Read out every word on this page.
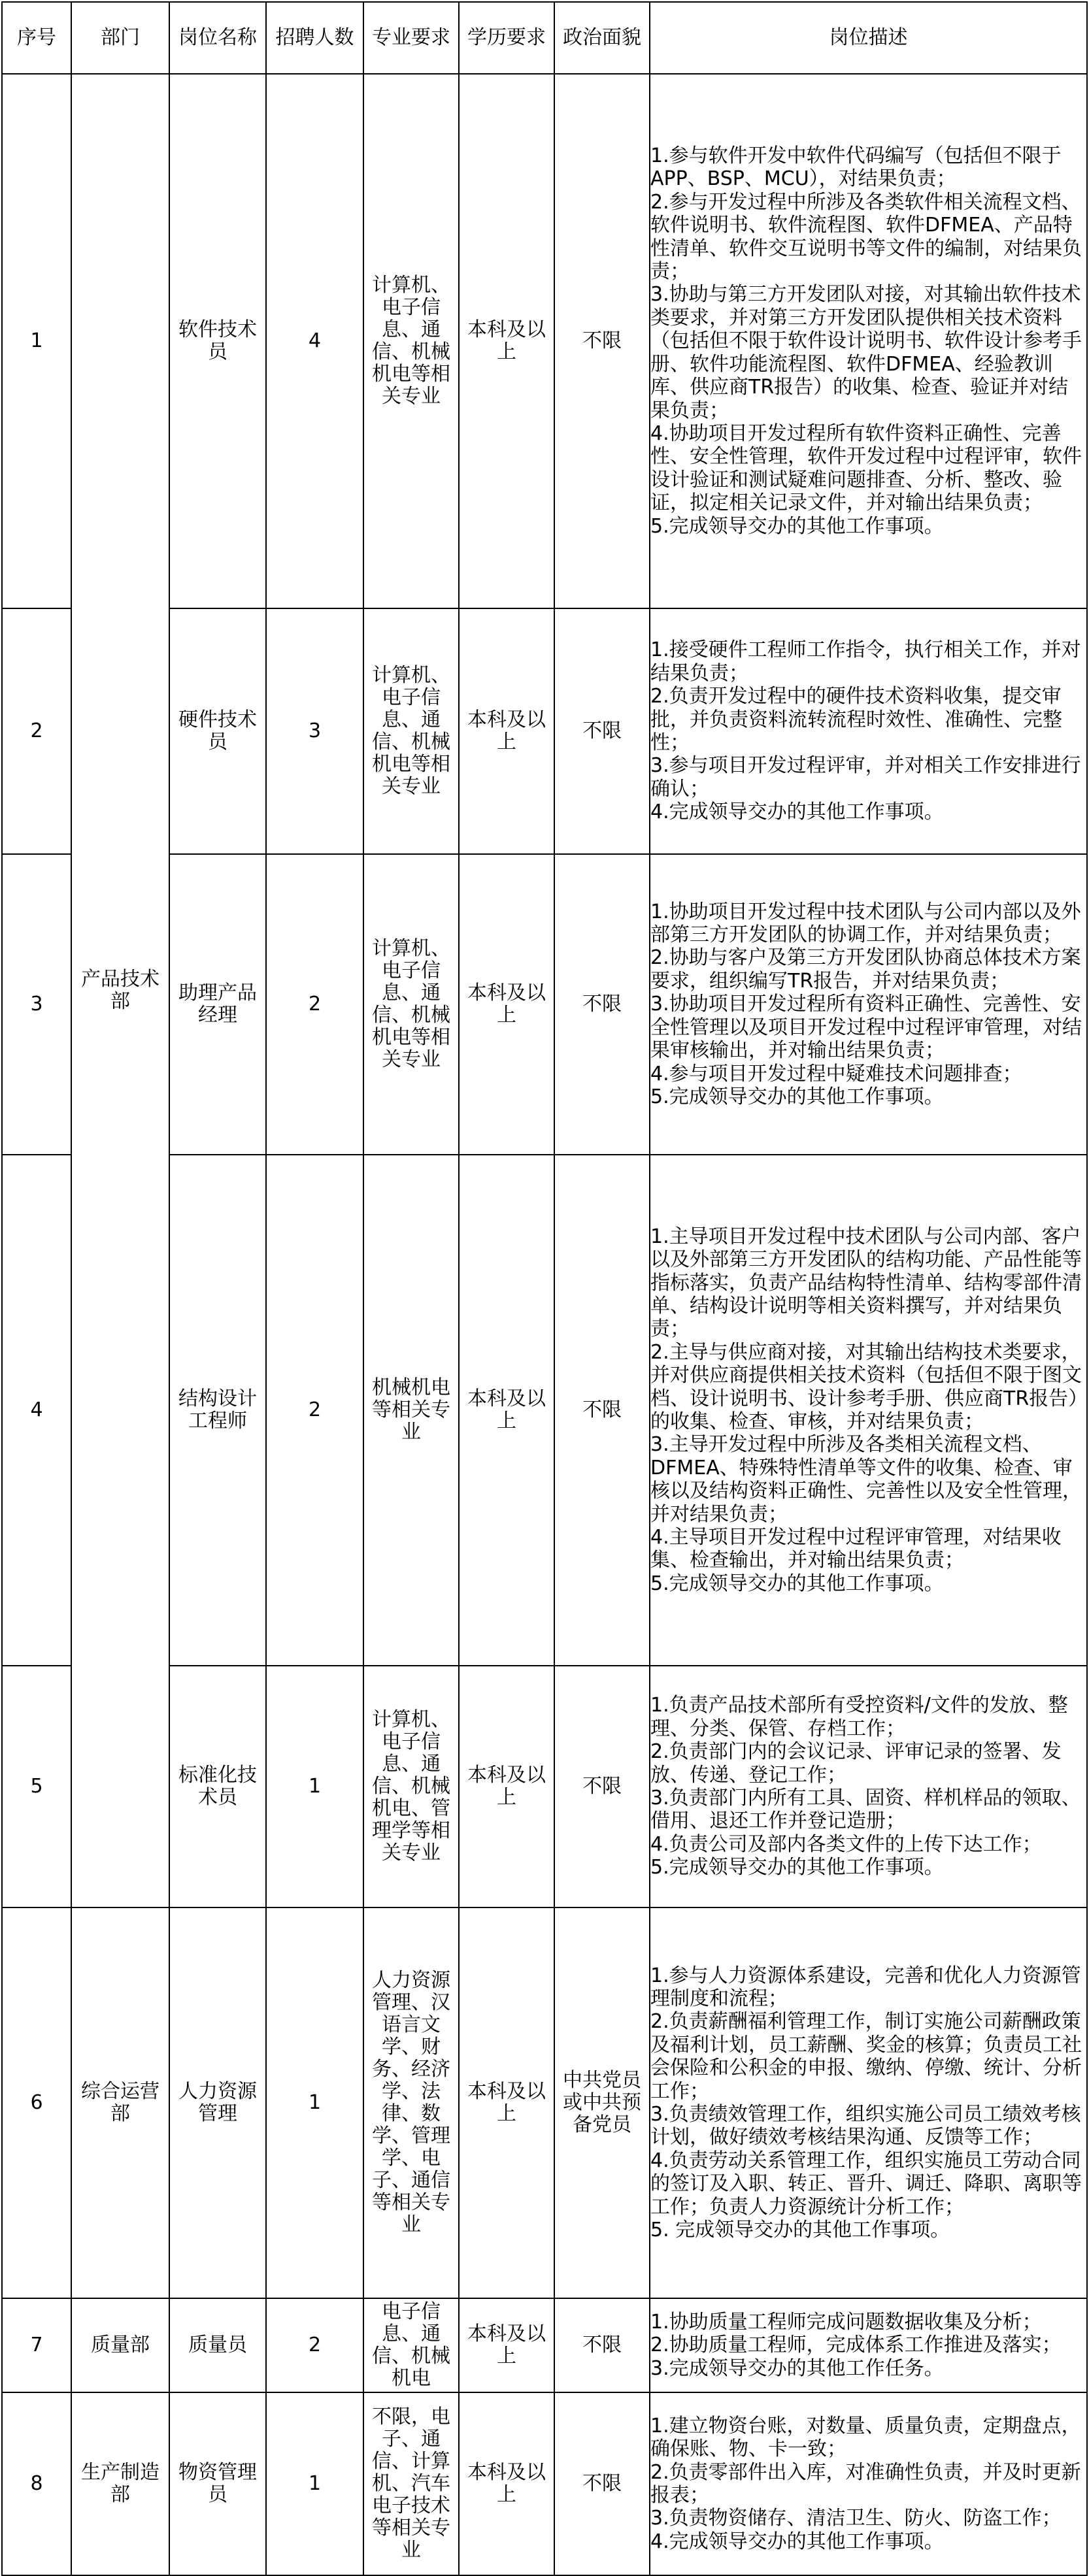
序号	部门	岗位名称	招聘人数	专业要求	学历要求	政治面貌	岗位描述
1	产品技术部	软件技术员	4	计算机、电子信息、通信、机械机电等相关专业	本科及以上	不限	1.参与软件开发中软件代码编写（包括但不限于APP、BSP、MCU），对结果负责；
2.参与开发过程中所涉及各类软件相关流程文档、软件说明书、软件流程图、软件DFMEA、产品特性清单、软件交互说明书等文件的编制，对结果负责；
3.协助与第三方开发团队对接，对其输出软件技术类要求，并对第三方开发团队提供相关技术资料（包括但不限于软件设计说明书、软件设计参考手册、软件功能流程图、软件DFMEA、经验教训库、供应商TR报告）的收集、检查、验证并对结果负责；
4.协助项目开发过程所有软件资料正确性、完善性、安全性管理，软件开发过程中过程评审，软件设计验证和测试疑难问题排查、分析、整改、验证，拟定相关记录文件，并对输出结果负责；
5.完成领导交办的其他工作事项。

2		硬件技术员	3	计算机、电子信息、通信、机械机电等相关专业	本科及以上	不限	1.接受硬件工程师工作指令，执行相关工作，并对结果负责；
2.负责开发过程中的硬件技术资料收集，提交审批，并负责资料流转流程时效性、准确性、完整性；
3.参与项目开发过程评审，并对相关工作安排进行确认；
4.完成领导交办的其他工作事项。

3		助理产品经理	2	计算机、电子信息、通信、机械机电等相关专业	本科及以上	不限	1.协助项目开发过程中技术团队与公司内部以及外部第三方开发团队的协调工作，并对结果负责；
2.协助与客户及第三方开发团队协商总体技术方案要求，组织编写TR报告，并对结果负责；
3.协助项目开发过程所有资料正确性、完善性、安全性管理以及项目开发过程中过程评审管理，对结果审核输出，并对输出结果负责；
4.参与项目开发过程中疑难技术问题排查；
5.完成领导交办的其他工作事项。

4		结构设计工程师	2	机械机电等相关专业	本科及以上	不限	1.主导项目开发过程中技术团队与公司内部、客户以及外部第三方开发团队的结构功能、产品性能等指标落实，负责产品结构特性清单、结构零部件清单、结构设计说明等相关资料撰写，并对结果负责；
2.主导与供应商对接，对其输出结构技术类要求，并对供应商提供相关技术资料（包括但不限于图文档、设计说明书、设计参考手册、供应商TR报告）的收集、检查、审核，并对结果负责；
3.主导开发过程中所涉及各类相关流程文档、DFMEA、特殊特性清单等文件的收集、检查、审核以及结构资料正确性、完善性以及安全性管理，并对结果负责；
4.主导项目开发过程中过程评审管理，对结果收集、检查输出，并对输出结果负责；
5.完成领导交办的其他工作事项。

5		标准化技术员	1	计算机、电子信息、通信、机械机电、管理学等相关专业	本科及以上	不限	1.负责产品技术部所有受控资料/文件的发放、整理、分类、保管、存档工作；
2.负责部门内的会议记录、评审记录的签署、发放、传递、登记工作；
3.负责部门内所有工具、固资、样机样品的领取、借用、退还工作并登记造册；
4.负责公司及部内各类文件的上传下达工作；
5.完成领导交办的其他工作事项。

6	综合运营部	人力资源管理	1	人力资源管理、汉语言文学、财务、经济学、法律、数学、管理学、电子、通信等相关专业	本科及以上	中共党员或中共预备党员	1.参与人力资源体系建设，完善和优化人力资源管理制度和流程；
2.负责薪酬福利管理工作，制订实施公司薪酬政策及福利计划，员工薪酬、奖金的核算；负责员工社会保险和公积金的申报、缴纳、停缴、统计、分析工作；
3.负责绩效管理工作，组织实施公司员工绩效考核计划，做好绩效考核结果沟通、反馈等工作；
4.负责劳动关系管理工作，组织实施员工劳动合同的签订及入职、转正、晋升、调迁、降职、离职等工作；负责人力资源统计分析工作；
5. 完成领导交办的其他工作事项。

7	质量部	质量员	2	电子信息、通信、机械机电	本科及以上	不限	1.协助质量工程师完成问题数据收集及分析；
2.协助质量工程师，完成体系工作推进及落实；
3.完成领导交办的其他工作任务。

8	生产制造部	物资管理员	1	不限，电子、通信、计算机、汽车电子技术等相关专业	本科及以上	不限	1.建立物资台账，对数量、质量负责，定期盘点，确保账、物、卡一致；
2.负责零部件出入库，对准确性负责，并及时更新报表；
3.负责物资储存、清洁卫生、防火、防盗工作；
4.完成领导交办的其他工作事项。
